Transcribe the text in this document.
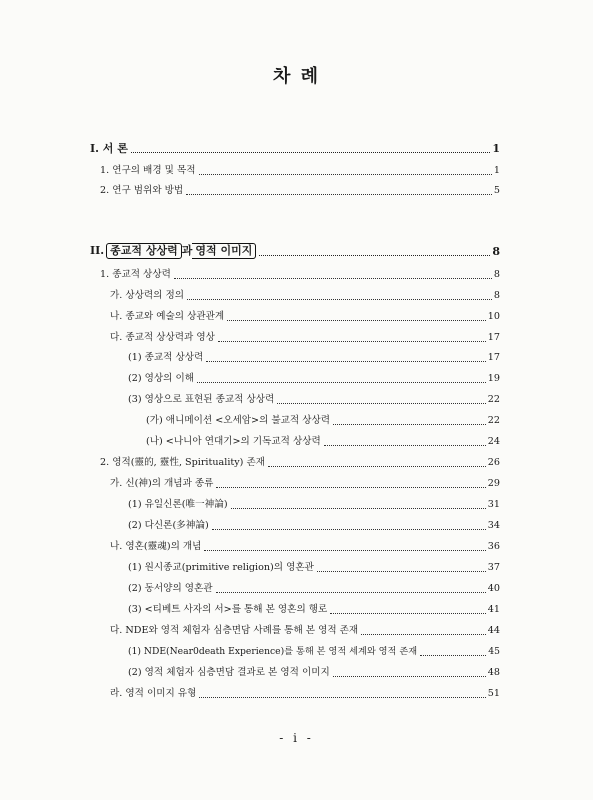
차 례
I. 서 론	1
1. 연구의 배경 및 목적	1
2. 연구 범위와 방법	5
II. 종교적 상상력 과 영적 이미지	8
1. 종교적 상상력	8
가. 상상력의 정의	8
나. 종교와 예술의 상관관계	10
다. 종교적 상상력과 영상	17
(1) 종교적 상상력	17
(2) 영상의 이해	19
(3) 영상으로 표현된 종교적 상상력	22
(가) 애니메이션 <오세암>의 불교적 상상력	22
(나) <나니아 연대기>의 기독교적 상상력	24
2. 영적(靈的, 靈性, Spirituality) 존재	26
가. 신(神)의 개념과 종류	29
(1) 유일신론(唯一神論)	31
(2) 다신론(多神論)	34
나. 영혼(靈魂)의 개념	36
(1) 원시종교(primitive religion)의 영혼관	37
(2) 동서양의 영혼관	40
(3) <티베트 사자의 서>를 통해 본 영혼의 행로	41
다. NDE와 영적 체험자 심층면담 사례를 통해 본 영적 존재	44
(1) NDE(Near0death Experience)를 통해 본 영적 세계와 영적 존재	45
(2) 영적 체험자 심층면담 결과로 본 영적 이미지	48
라. 영적 이미지 유형	51
- i -
